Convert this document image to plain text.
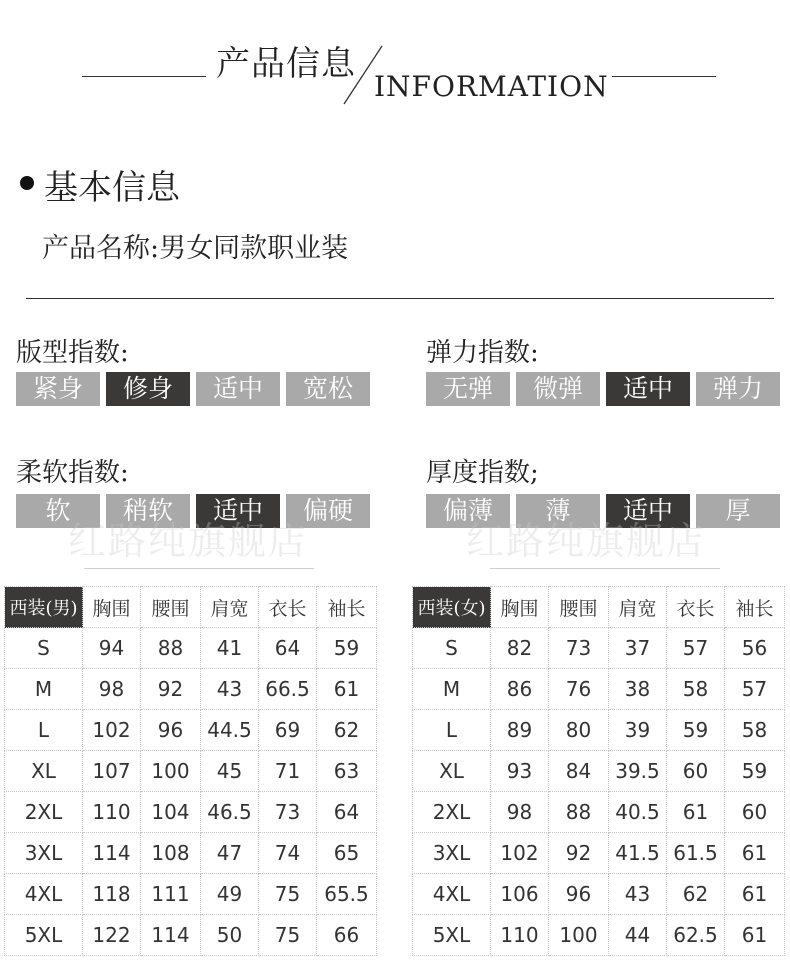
产品信息
INFORMATION
基本信息
产品名称:男女同款职业装
版型指数:
紧身	修身	适中	宽松
弹力指数:
无弹	微弹	适中	弹力
柔软指数:
软	稍软	适中	偏硬
厚度指数;
偏薄	薄	适中	厚
红路纯旗舰店	红路纯旗舰店
西装(男)	胸围	腰围	肩宽	衣长	袖长
S	94	88	41	64	59
M	98	92	43	66.5	61
L	102	96	44.5	69	62
XL	107	100	45	71	63
2XL	110	104	46.5	73	64
3XL	114	108	47	74	65
4XL	118	111	49	75	65.5
5XL	122	114	50	75	66
西装(女)	胸围	腰围	肩宽	衣长	袖长
S	82	73	37	57	56
M	86	76	38	58	57
L	89	80	39	59	58
XL	93	84	39.5	60	59
2XL	98	88	40.5	61	60
3XL	102	92	41.5	61.5	61
4XL	106	96	43	62	61
5XL	110	100	44	62.5	61
